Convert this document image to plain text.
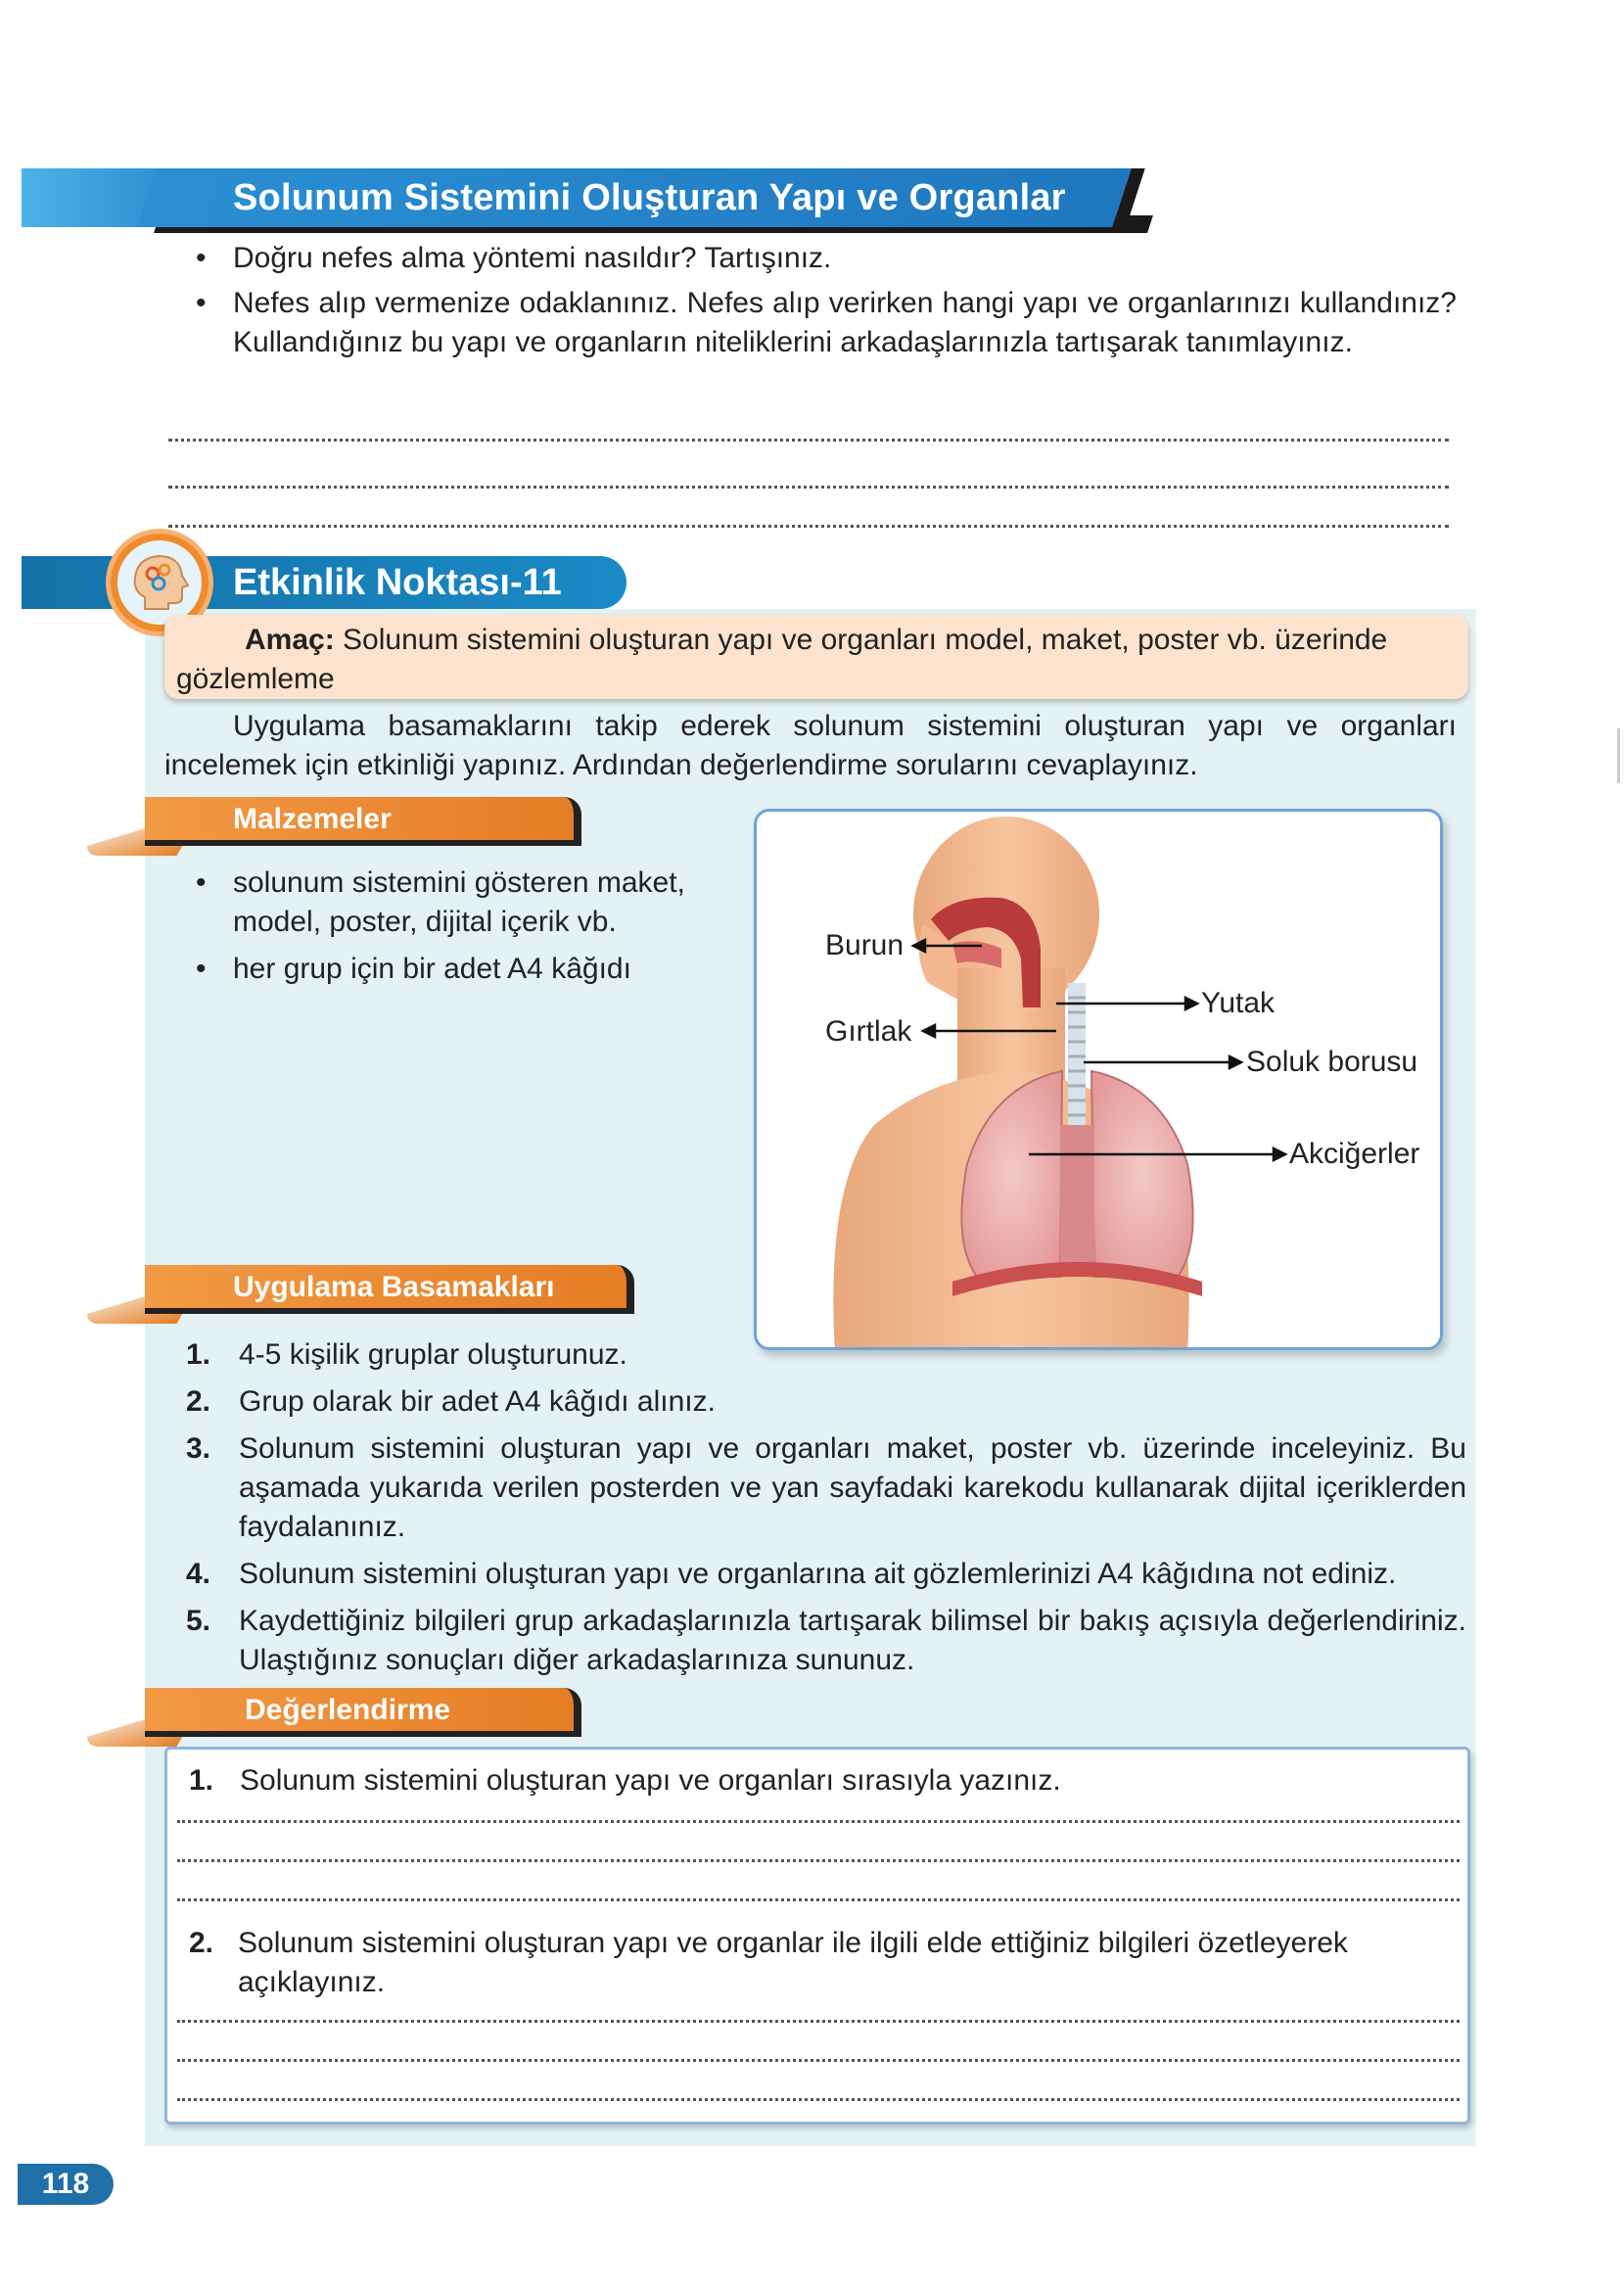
Solunum Sistemini Oluşturan Yapı ve Organlar
• Doğru nefes alma yöntemi nasıldır? Tartışınız.
• Nefes alıp vermenize odaklanınız. Nefes alıp verirken hangi yapı ve organlarınızı kullandınız? Kullandığınız bu yapı ve organların niteliklerini arkadaşlarınızla tartışarak tanımlayınız.
Etkinlik Noktası-11
Amaç: Solunum sistemini oluşturan yapı ve organları model, maket, poster vb. üzerinde gözlemleme
Uygulama basamaklarını takip ederek solunum sistemini oluşturan yapı ve organları incelemek için etkinliği yapınız. Ardından değerlendirme sorularını cevaplayınız.
Malzemeler
• solunum sistemini gösteren maket, model, poster, dijital içerik vb.
• her grup için bir adet A4 kâğıdı
Burun
Gırtlak
Yutak
Soluk borusu
Akciğerler
Uygulama Basamakları
1. 4-5 kişilik gruplar oluşturunuz.
2. Grup olarak bir adet A4 kâğıdı alınız.
3. Solunum sistemini oluşturan yapı ve organları maket, poster vb. üzerinde inceleyiniz. Bu aşamada yukarıda verilen posterden ve yan sayfadaki karekodu kullanarak dijital içeriklerden faydalanınız.
4. Solunum sistemini oluşturan yapı ve organlarına ait gözlemlerinizi A4 kâğıdına not ediniz.
5. Kaydettiğiniz bilgileri grup arkadaşlarınızla tartışarak bilimsel bir bakış açısıyla değerlendiriniz. Ulaştığınız sonuçları diğer arkadaşlarınıza sununuz.
Değerlendirme
1. Solunum sistemini oluşturan yapı ve organları sırasıyla yazınız.
2. Solunum sistemini oluşturan yapı ve organlar ile ilgili elde ettiğiniz bilgileri özetleyerek açıklayınız.
118
